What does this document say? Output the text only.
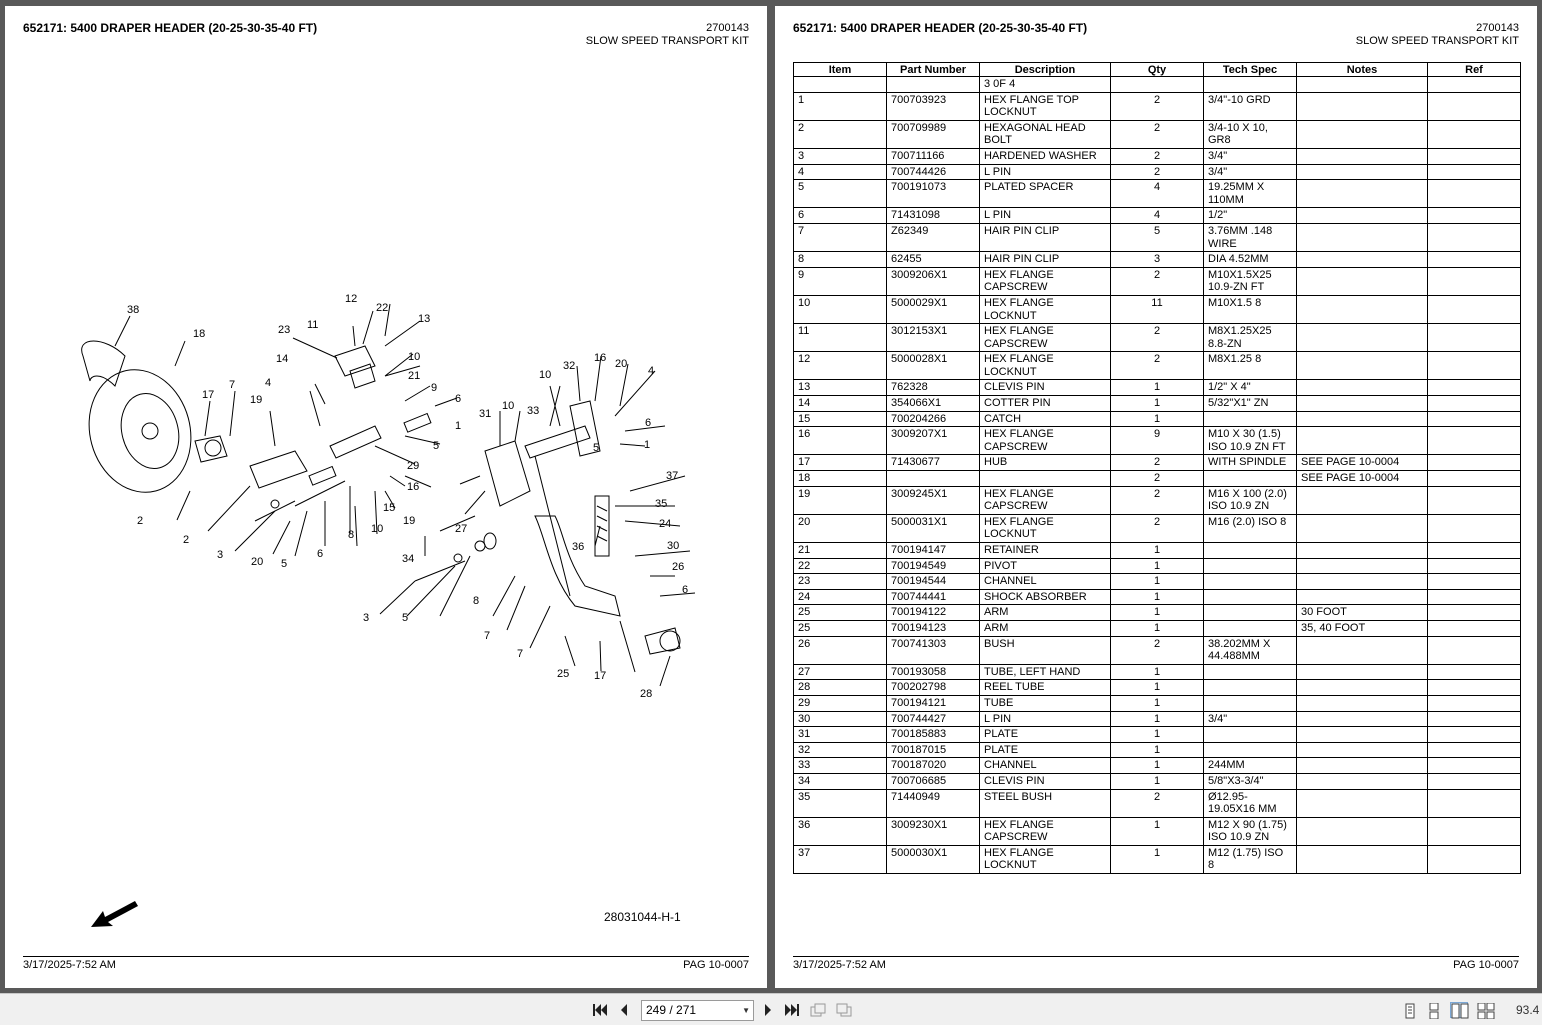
652171: 5400 DRAPER HEADER (20-25-30-35-40 FT)	2700143
SLOW SPEED TRANSPORT KIT
38
18
17
7
19
4
14
23 11
12
22
13
10
21
9
6
1
5
29
16
8 10
15
19
27
34
31
10 33
32
16 20
4
10
5	1
37
35
24
36	30
6
6
26
8
7
7
25 17
28
2
3
20 5
6
2
3	5
28031044-H-1
3/17/2025-7:52 AM	PAG 10-0007
652171: 5400 DRAPER HEADER (20-25-30-35-40 FT)	2700143
SLOW SPEED TRANSPORT KIT
Item	Part Number	Description	Qty	Tech Spec	Notes	Ref
		3 0F 4				
1	700703923	HEX FLANGE TOP LOCKNUT	2	3/4"-10 GRD		
2	700709989	HEXAGONAL HEAD BOLT	2	3/4-10 X 10, GR8		
3	700711166	HARDENED WASHER	2	3/4"		
4	700744426	L PIN	2	3/4"		
5	700191073	PLATED SPACER	4	19.25MM X 110MM		
6	71431098	L PIN	4	1/2"		
7	Z62349	HAIR PIN CLIP	5	3.76MM .148 WIRE		
8	62455	HAIR PIN CLIP	3	DIA 4.52MM		
9	3009206X1	HEX FLANGE CAPSCREW	2	M10X1.5X25 10.9-ZN FT		
10	5000029X1	HEX FLANGE LOCKNUT	11	M10X1.5 8		
11	3012153X1	HEX FLANGE CAPSCREW	2	M8X1.25X25 8.8-ZN		
12	5000028X1	HEX FLANGE LOCKNUT	2	M8X1.25 8		
13	762328	CLEVIS PIN	1	1/2" X 4"		
14	354066X1	COTTER PIN	1	5/32"X1" ZN		
15	700204266	CATCH	1			
16	3009207X1	HEX FLANGE CAPSCREW	9	M10 X 30 (1.5) ISO 10.9 ZN FT		
17	71430677	HUB	2	WITH SPINDLE	SEE PAGE 10-0004	
18			2		SEE PAGE 10-0004	
19	3009245X1	HEX FLANGE CAPSCREW	2	M16 X 100 (2.0) ISO 10.9 ZN		
20	5000031X1	HEX FLANGE LOCKNUT	2	M16 (2.0) ISO 8		
21	700194147	RETAINER	1			
22	700194549	PIVOT	1			
23	700194544	CHANNEL	1			
24	700744441	SHOCK ABSORBER	1			
25	700194122	ARM	1		30 FOOT	
25	700194123	ARM	1		35, 40 FOOT	
26	700741303	BUSH	2	38.202MM X 44.488MM		
27	700193058	TUBE, LEFT HAND	1			
28	700202798	REEL TUBE	1			
29	700194121	TUBE	1			
30	700744427	L PIN	1	3/4"		
31	700185883	PLATE	1			
32	700187015	PLATE	1			
33	700187020	CHANNEL	1	244MM		
34	700706685	CLEVIS PIN	1	5/8"X3-3/4"		
35	71440949	STEEL BUSH	2	Ø12.95-19.05X16 MM		
36	3009230X1	HEX FLANGE CAPSCREW	1	M12 X 90 (1.75) ISO 10.9 ZN		
37	5000030X1	HEX FLANGE LOCKNUT	1	M12 (1.75) ISO 8		
3/17/2025-7:52 AM	PAG 10-0007
249 / 271	▼	93.4
